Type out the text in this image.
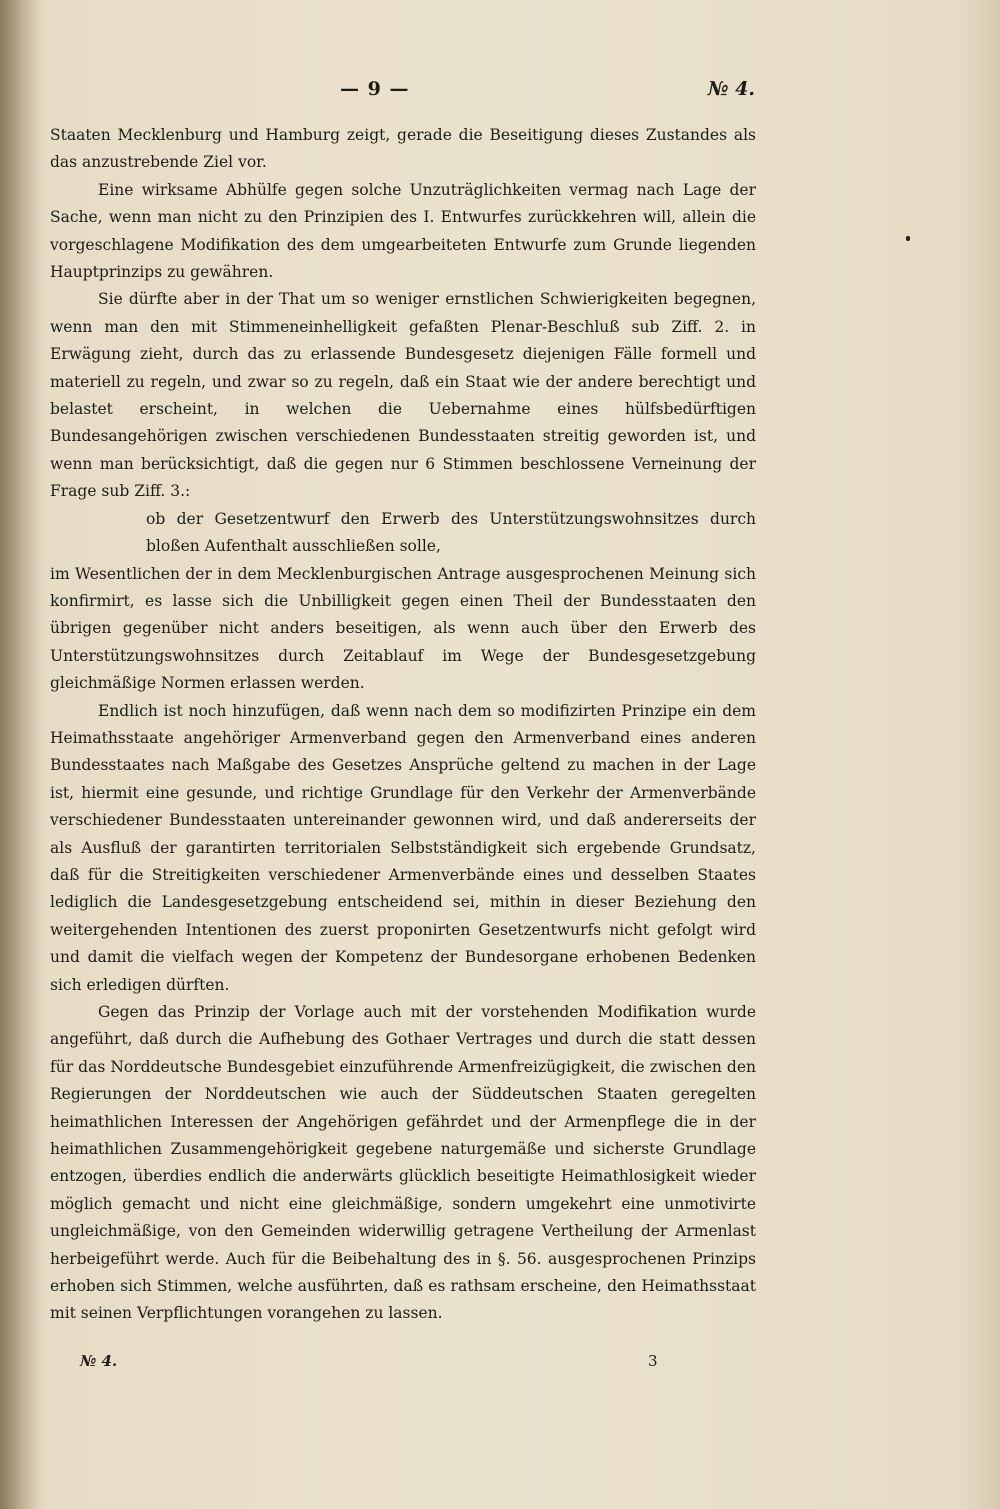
— 9 —	№ 4.

Staaten Mecklenburg und Hamburg zeigt, gerade die Beseitigung dieses Zustandes als das anzustrebende Ziel vor.

Eine wirksame Abhülfe gegen solche Unzuträglichkeiten vermag nach Lage der Sache, wenn man nicht zu den Prinzipien des I. Entwurfes zurückkehren will, allein die vorgeschlagene Modifikation des dem umgearbeiteten Entwurfe zum Grunde liegenden Hauptprinzips zu gewähren.

Sie dürfte aber in der That um so weniger ernstlichen Schwierigkeiten begegnen, wenn man den mit Stimmeneinhelligkeit gefaßten Plenar-Beschluß sub Ziff. 2. in Erwägung zieht, durch das zu erlassende Bundesgesetz diejenigen Fälle formell und materiell zu regeln, und zwar so zu regeln, daß ein Staat wie der andere berechtigt und belastet erscheint, in welchen die Uebernahme eines hülfsbedürftigen Bundesangehörigen zwischen verschiedenen Bundesstaaten streitig geworden ist, und wenn man berücksichtigt, daß die gegen nur 6 Stimmen beschlossene Verneinung der Frage sub Ziff. 3.:

ob der Gesetzentwurf den Erwerb des Unterstützungswohnsitzes durch bloßen Aufenthalt ausschließen solle,

im Wesentlichen der in dem Mecklenburgischen Antrage ausgesprochenen Meinung sich konfirmirt, es lasse sich die Unbilligkeit gegen einen Theil der Bundesstaaten den übrigen gegenüber nicht anders beseitigen, als wenn auch über den Erwerb des Unterstützungswohnsitzes durch Zeitablauf im Wege der Bundesgesetzgebung gleichmäßige Normen erlassen werden.

Endlich ist noch hinzufügen, daß wenn nach dem so modifizirten Prinzipe ein dem Heimathsstaate angehöriger Armenverband gegen den Armenverband eines anderen Bundesstaates nach Maßgabe des Gesetzes Ansprüche geltend zu machen in der Lage ist, hiermit eine gesunde, und richtige Grundlage für den Verkehr der Armenverbände verschiedener Bundesstaaten untereinander gewonnen wird, und daß andererseits der als Ausfluß der garantirten territorialen Selbstständigkeit sich ergebende Grundsatz, daß für die Streitigkeiten verschiedener Armenverbände eines und desselben Staates lediglich die Landesgesetzgebung entscheidend sei, mithin in dieser Beziehung den weitergehenden Intentionen des zuerst proponirten Gesetzentwurfs nicht gefolgt wird und damit die vielfach wegen der Kompetenz der Bundesorgane erhobenen Bedenken sich erledigen dürften.

Gegen das Prinzip der Vorlage auch mit der vorstehenden Modifikation wurde angeführt, daß durch die Aufhebung des Gothaer Vertrages und durch die statt dessen für das Norddeutsche Bundesgebiet einzuführende Armenfreizügigkeit, die zwischen den Regierungen der Norddeutschen wie auch der Süddeutschen Staaten geregelten heimathlichen Interessen der Angehörigen gefährdet und der Armenpflege die in der heimathlichen Zusammengehörigkeit gegebene naturgemäße und sicherste Grundlage entzogen, überdies endlich die anderwärts glücklich beseitigte Heimathlosigkeit wieder möglich gemacht und nicht eine gleichmäßige, sondern umgekehrt eine unmotivirte ungleichmäßige, von den Gemeinden widerwillig getragene Vertheilung der Armenlast herbeigeführt werde. Auch für die Beibehaltung des in §. 56. ausgesprochenen Prinzips erhoben sich Stimmen, welche ausführten, daß es rathsam erscheine, den Heimathsstaat mit seinen Verpflichtungen vorangehen zu lassen.

№ 4.	3
